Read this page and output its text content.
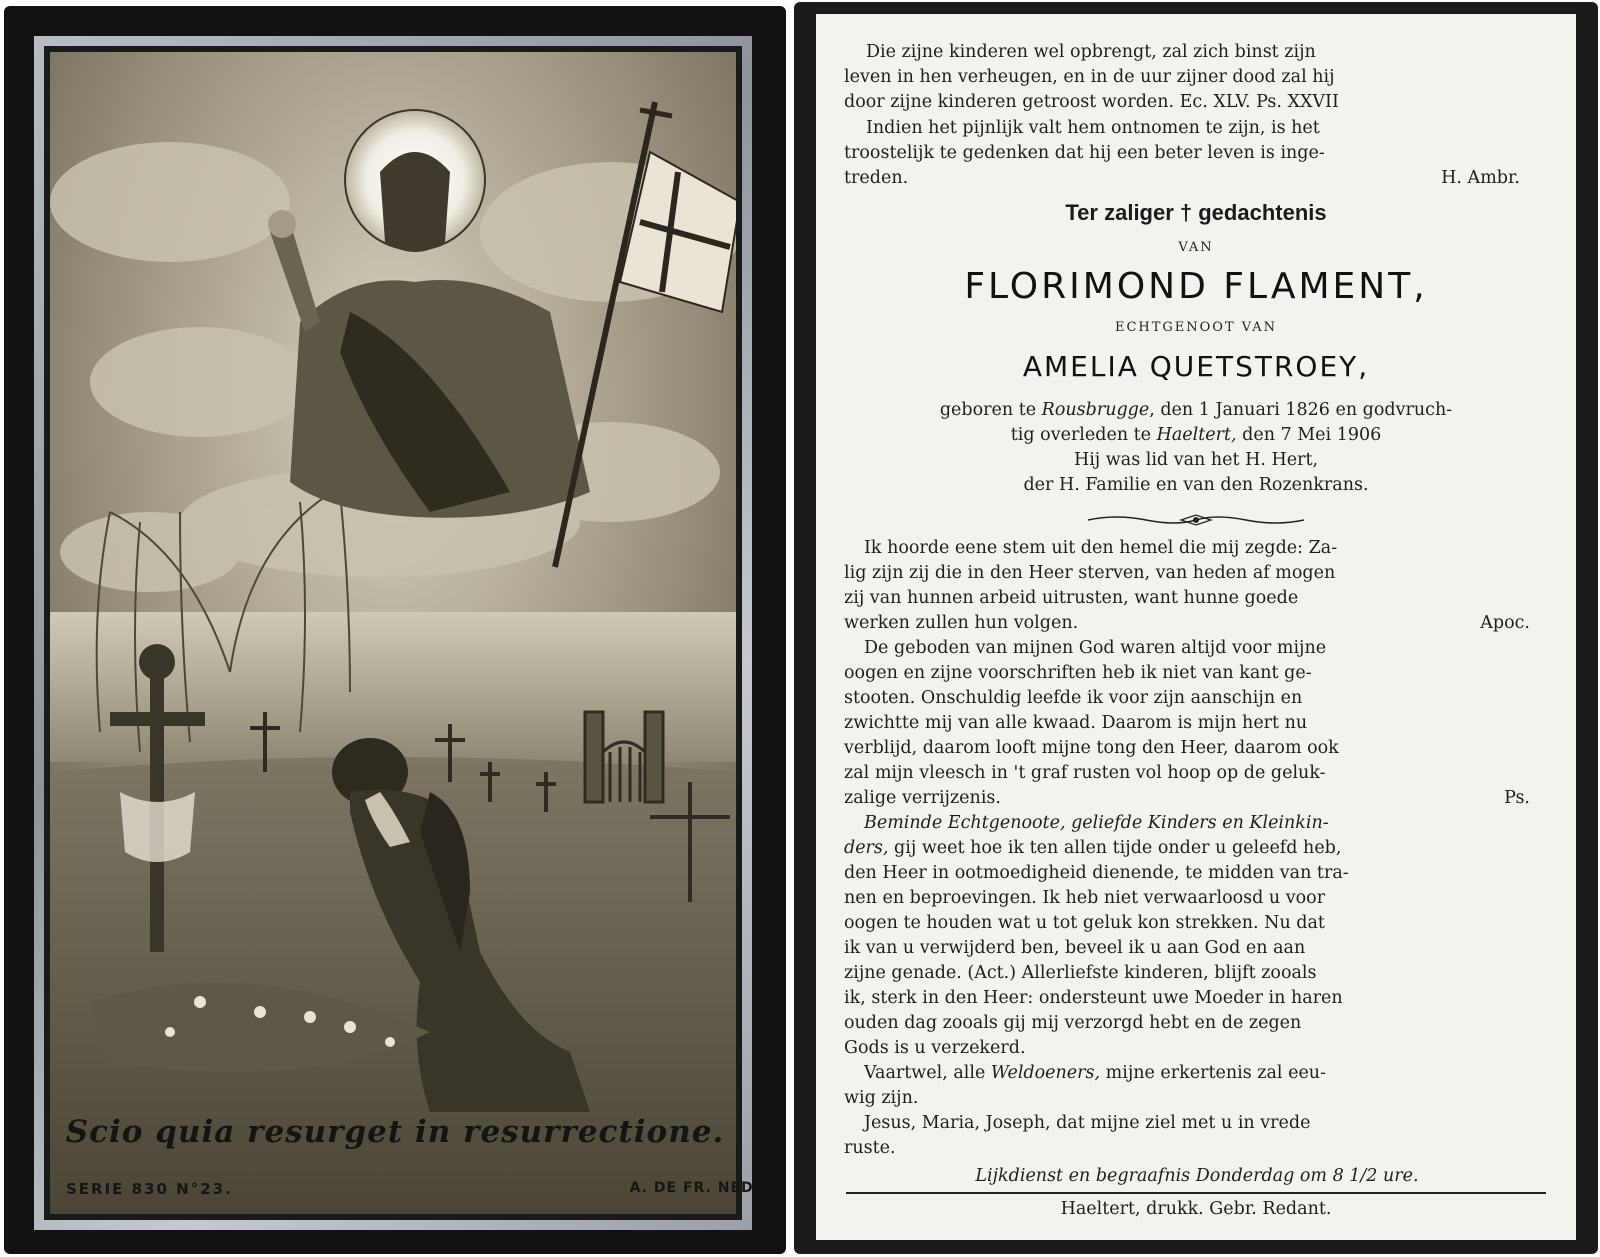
Scio quia resurget in resurrectione.
SERIE 830 N°23.	A. DE FR. NED.
Die zijne kinderen wel opbrengt, zal zich binst zijn
leven in hen verheugen, en in de uur zijner dood zal hij
door zijne kinderen getroost worden. Ec. XLV. Ps. XXVII
Indien het pijnlijk valt hem ontnomen te zijn, is het
troostelijk te gedenken dat hij een beter leven is inge-
treden.	H. Ambr.
Ter zaliger † gedachtenis
VAN
FLORIMOND FLAMENT,
ECHTGENOOT VAN
AMELIA QUETSTROEY,
geboren te Rousbrugge, den 1 Januari 1826 en godvruch-
tig overleden te Haeltert, den 7 Mei 1906
Hij was lid van het H. Hert,
der H. Familie en van den Rozenkrans.
Ik hoorde eene stem uit den hemel die mij zegde: Za-
lig zijn zij die in den Heer sterven, van heden af mogen
zij van hunnen arbeid uitrusten, want hunne goede
werken zullen hun volgen.	Apoc.
De geboden van mijnen God waren altijd voor mijne
oogen en zijne voorschriften heb ik niet van kant ge-
stooten. Onschuldig leefde ik voor zijn aanschijn en
zwichtte mij van alle kwaad. Daarom is mijn hert nu
verblijd, daarom looft mijne tong den Heer, daarom ook
zal mijn vleesch in 't graf rusten vol hoop op de geluk-
zalige verrijzenis.	Ps.
Beminde Echtgenoote, geliefde Kinders en Kleinkin-
ders, gij weet hoe ik ten allen tijde onder u geleefd heb,
den Heer in ootmoedigheid dienende, te midden van tra-
nen en beproevingen. Ik heb niet verwaarloosd u voor
oogen te houden wat u tot geluk kon strekken. Nu dat
ik van u verwijderd ben, beveel ik u aan God en aan
zijne genade. (Act.) Allerliefste kinderen, blijft zooals
ik, sterk in den Heer: ondersteunt uwe Moeder in haren
ouden dag zooals gij mij verzorgd hebt en de zegen
Gods is u verzekerd.
Vaartwel, alle Weldoeners, mijne erkertenis zal eeu-
wig zijn.
Jesus, Maria, Joseph, dat mijne ziel met u in vrede
ruste.
Lijkdienst en begraafnis Donderdag om 8 1/2 ure.
Haeltert, drukk. Gebr. Redant.
